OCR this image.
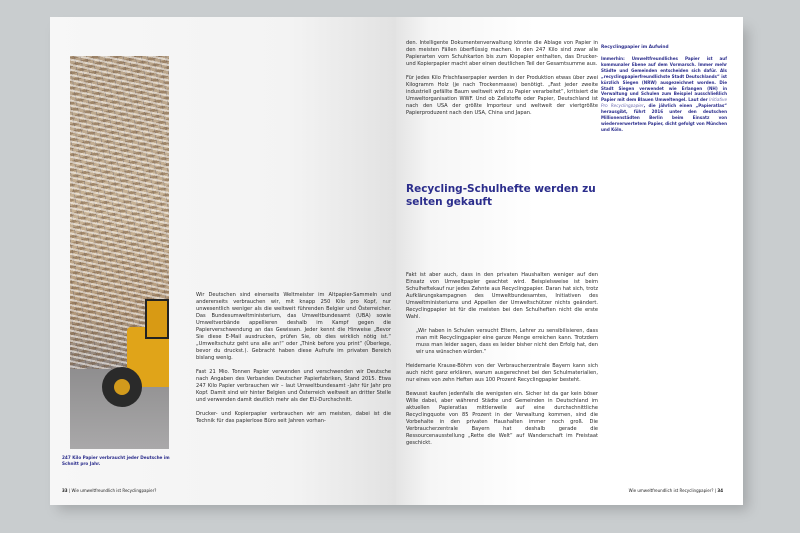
247 Kilo Papier verbraucht jeder Deutsche im Schnitt pro Jahr.

Wir Deutschen sind einerseits Weltmeister im Altpapier-Sammeln und andererseits verbrauchen wir, mit knapp 250 Kilo pro Kopf, nur unwesentlich weniger als die weltweit führenden Belgier und Österreicher. Das Bundesumweltministerium, das Umweltbundesamt (UBA) sowie Umweltverbände appellieren deshalb im Kampf gegen die Papierverschwendung an das Gewissen. Jeder kennt die Hinweise „Bevor Sie diese E-Mail ausdrucken, prüfen Sie, ob dies wirklich nötig ist.“ „Umweltschutz geht uns alle an!“ oder „Think before you print“ (Überlege, bevor du druckst.). Gebracht haben diese Aufrufe im privaten Bereich bislang wenig.

Fast 21 Mio. Tonnen Papier verwenden und verschwenden wir Deutsche nach Angaben des Verbandes Deutscher Papierfabriken, Stand 2015. Etwa 247 Kilo Papier verbrauchen wir – laut Umweltbundesamt -Jahr für Jahr pro Kopf. Damit sind wir hinter Belgien und Österreich weltweit an dritter Stelle und verwenden damit deutlich mehr als der EU-Durchschnitt.

Drucker- und Kopierpapier verbrauchen wir am meisten, dabei ist die Technik für das papierlose Büro seit Jahren vorhan-

33 | Wie umweltfreundlich ist Recyclingpapier?

den. Intelligente Dokumentenverwaltung könnte die Ablage von Papier in den meisten Fällen überflüssig machen. In den 247 Kilo sind zwar alle Papierarten vom Schuhkarton bis zum Klopapier enthalten, das Drucker- und Kopierpapier macht aber einen deutlichen Teil der Gesamtsumme aus.

Für jedes Kilo Frischfaserpapier werden in der Produktion etwas über zwei Kilogramm Holz (je nach Trockenmasse) benötigt. „Fast jeder zweite industriell gefällte Baum weltweit wird zu Papier verarbeitet“, kritisiert die Umweltorganisation WWF. Und ob Zellstoffe oder Papier, Deutschland ist nach den USA der größte Importeur und weltweit der viertgrößte Papierproduzent nach den USA, China und Japan.

Recycling-Schulhefte werden zu selten gekauft

Fakt ist aber auch, dass in den privaten Haushalten weniger auf den Einsatz von Umweltpapier geachtet wird. Beispielsweise ist beim Schulheftekauf nur jedes Zehnte aus Recyclingpapier. Daran hat sich, trotz Aufklärungskampagnen des Umweltbundesamtes, Initiativen des Umweltministeriums und Appellen der Umweltschützer nichts geändert. Recyclingpapier ist für die meisten bei den Schulheften nicht die erste Wahl.

„Wir haben in Schulen versucht Eltern, Lehrer zu sensibilisieren, dass man mit Recyclingpapier eine ganze Menge erreichen kann. Trotzdem muss man leider sagen, dass es leider bisher nicht den Erfolg hat, den wir uns wünschen würden.“

Heidemarie Krause-Böhm von der Verbraucherzentrale Bayern kann sich auch nicht ganz erklären, warum ausgerechnet bei den Schulmaterialien, nur eines von zehn Heften aus 100 Prozent Recyclingpapier besteht.

Bewusst kaufen jedenfalls die wenigsten ein. Sicher ist da gar kein böser Wille dabei, aber während Städte und Gemeinden in Deutschland im aktuellen Papieratlas mittlerweile auf eine durchschnittliche Recyclingquote von 85 Prozent in der Verwaltung kommen, sind die Vorbehalte in den privaten Haushalten immer noch groß. Die Verbraucherzentrale Bayern hat deshalb gerade die Ressourcenausstellung „Rette die Welt“ auf Wanderschaft im Freistaat geschickt.

Recyclingpapier im Aufwind
Immerhin: Umweltfreundliches Papier ist auf kommunaler Ebene auf dem Vormarsch. Immer mehr Städte und Gemeinden entscheiden sich dafür. Als „recyclingpapierfreundlichste Stadt Deutschlands“ ist kürzlich Siegen (NRW) ausgezeichnet worden. Die Stadt Siegen verwendet wie Erlangen (NH) in Verwaltung und Schulen zum Beispiel ausschließlich Papier mit dem Blauen Umweltengel. Laut der Initiative Pro Recyclingpapier, die jährlich einen „Papieratlas“ herausgibt, führt 2016 unter den deutschen Millionenstädten Berlin beim Einsatz von wiederverwertetem Papier, dicht gefolgt von München und Köln.
Wie umweltfreundlich ist Recyclingpapier? | 34
